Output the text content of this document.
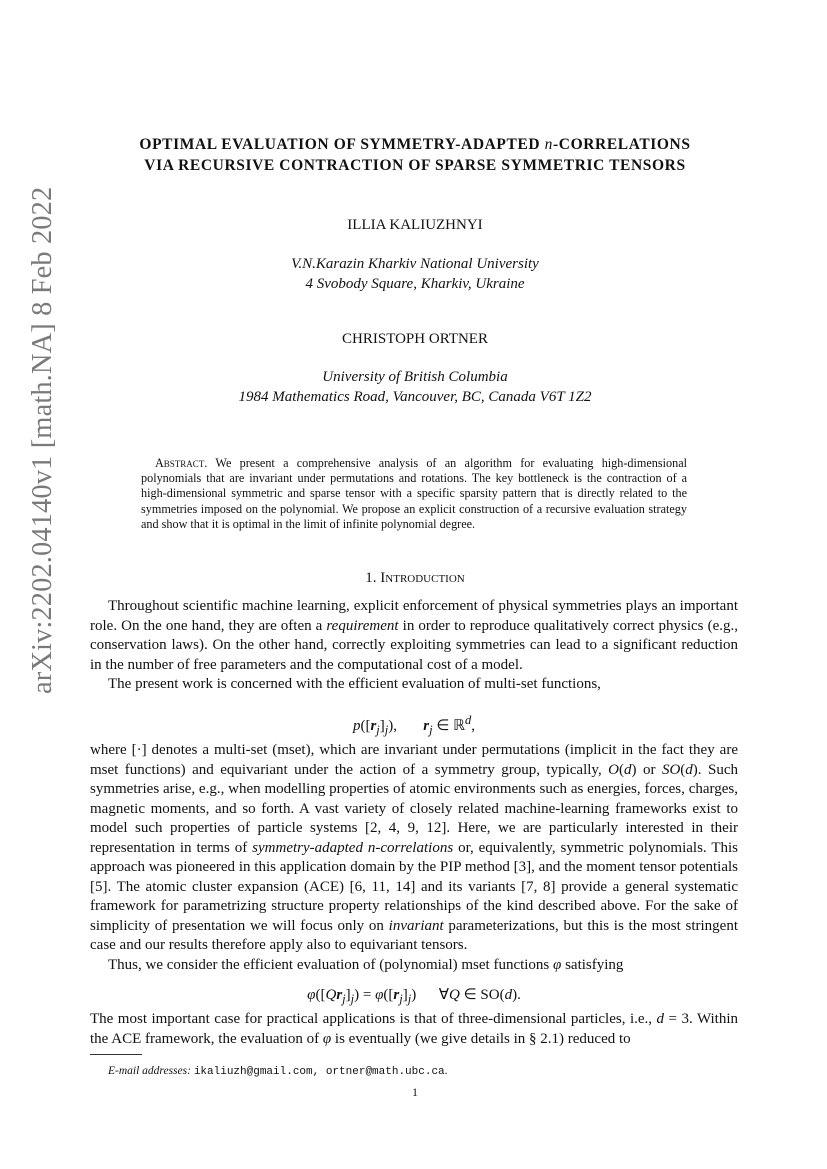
arXiv:2202.04140v1 [math.NA] 8 Feb 2022
OPTIMAL EVALUATION OF SYMMETRY-ADAPTED n-CORRELATIONS
VIA RECURSIVE CONTRACTION OF SPARSE SYMMETRIC TENSORS
ILLIA KALIUZHNYI
V.N.Karazin Kharkiv National University
4 Svobody Square, Kharkiv, Ukraine
CHRISTOPH ORTNER
University of British Columbia
1984 Mathematics Road, Vancouver, BC, Canada V6T 1Z2
Abstract. We present a comprehensive analysis of an algorithm for evaluating high-dimensional polynomials that are invariant under permutations and rotations. The key bottleneck is the contraction of a high-dimensional symmetric and sparse tensor with a specific sparsity pattern that is directly related to the symmetries imposed on the polynomial. We propose an explicit construction of a recursive evaluation strategy and show that it is optimal in the limit of infinite polynomial degree.
1. Introduction

Throughout scientific machine learning, explicit enforcement of physical symmetries plays an important role. On the one hand, they are often a requirement in order to reproduce qualitatively correct physics (e.g., conservation laws). On the other hand, correctly exploiting symmetries can lead to a significant reduction in the number of free parameters and the computational cost of a model.

The present work is concerned with the efficient evaluation of multi-set functions,

$p([r_j]_j)$,       $r_j$ ∈ ℝ$^d$,

where [·] denotes a multi-set (mset), which are invariant under permutations (implicit in the fact they are mset functions) and equivariant under the action of a symmetry group, typically, O(d) or SO(d). Such symmetries arise, e.g., when modelling properties of atomic environments such as energies, forces, charges, magnetic moments, and so forth. A vast variety of closely related machine-learning frameworks exist to model such properties of particle systems [2, 4, 9, 12]. Here, we are particularly interested in their representation in terms of symmetry-adapted n-correlations or, equivalently, symmetric polynomials. This approach was pioneered in this application domain by the PIP method [3], and the moment tensor potentials [5]. The atomic cluster expansion (ACE) [6, 11, 14] and its variants [7, 8] provide a general systematic framework for parametrizing structure property relationships of the kind described above. For the sake of simplicity of presentation we will focus only on invariant parameterizations, but this is the most stringent case and our results therefore apply also to equivariant tensors.

Thus, we consider the efficient evaluation of (polynomial) mset functions φ satisfying

$\varphi([Qr_j]_j) = \varphi([r_j]_j)$      ∀Q ∈ SO(d).

The most important case for practical applications is that of three-dimensional particles, i.e., d = 3. Within the ACE framework, the evaluation of φ is eventually (we give details in § 2.1) reduced to

E-mail addresses: ikaliuzh@gmail.com, ortner@math.ubc.ca.
1
